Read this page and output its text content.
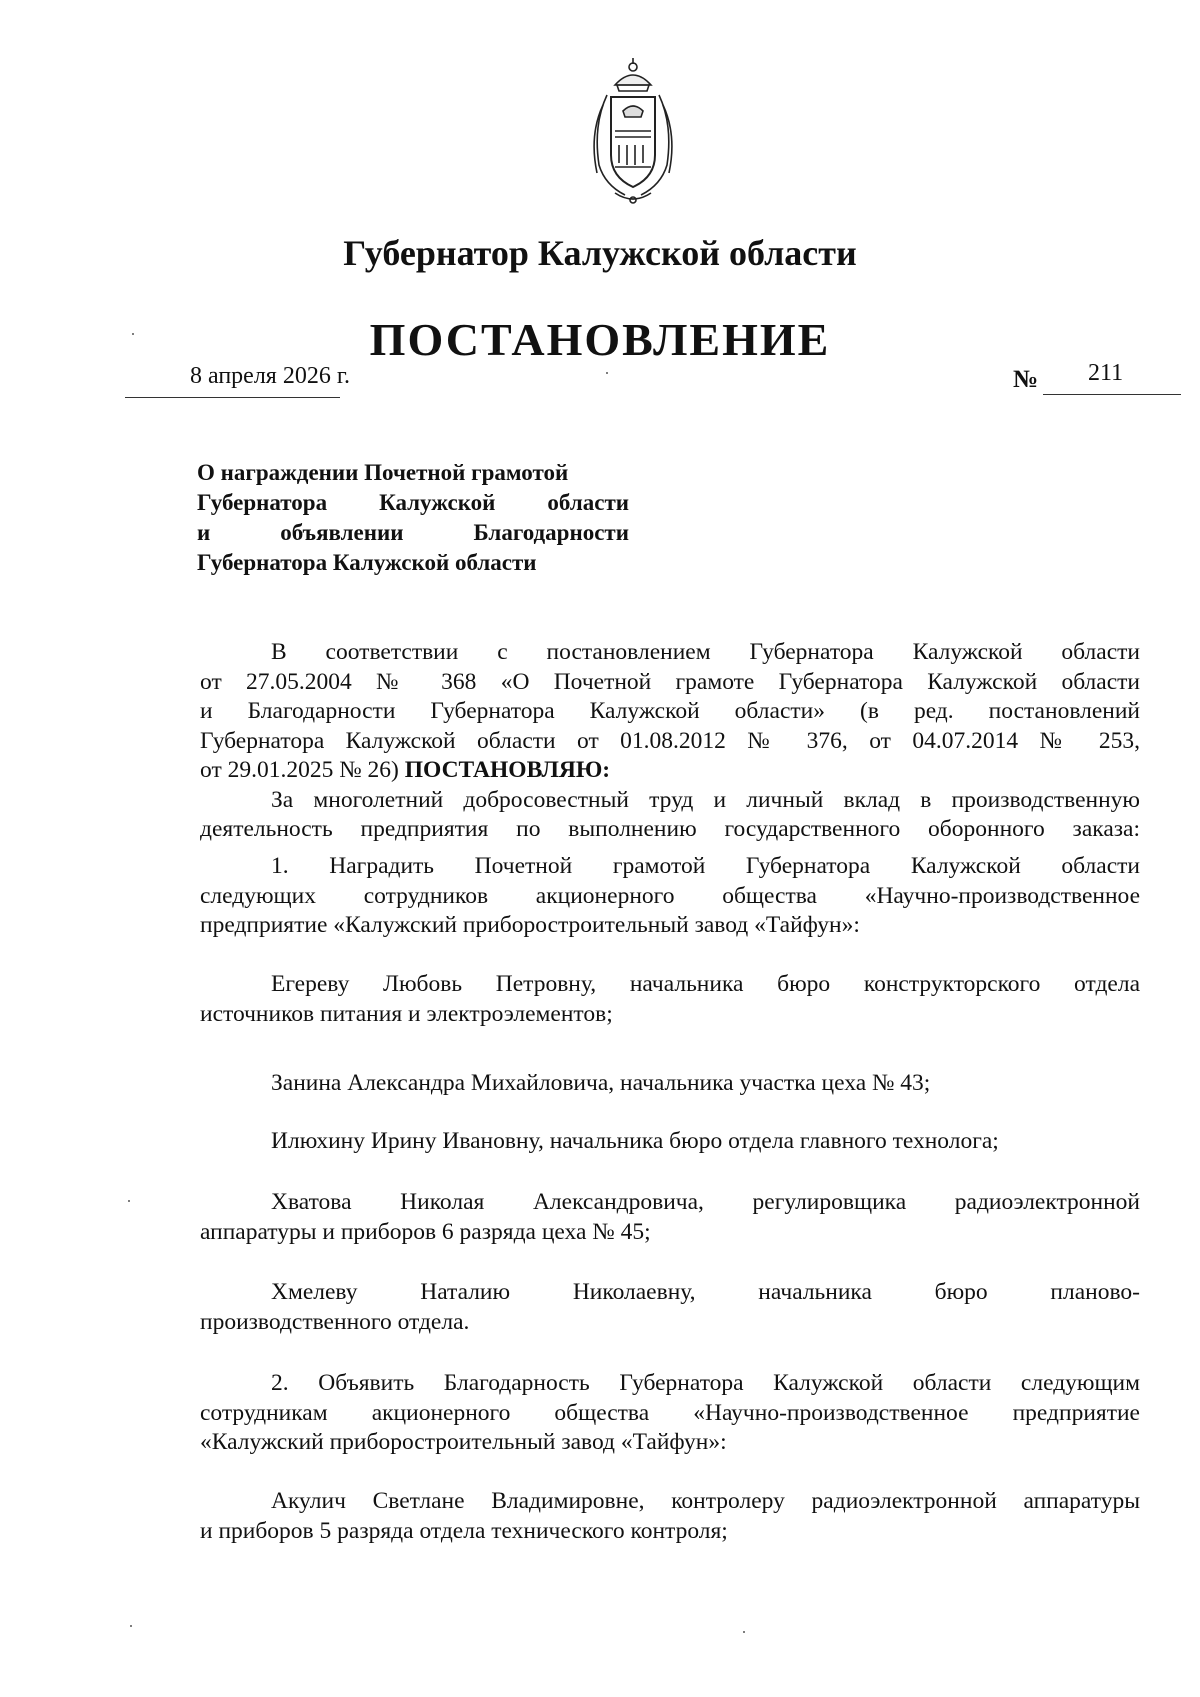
Губернатор Калужской области
ПОСТАНОВЛЕНИЕ
8 апреля 2026 г.	№ 211
О награждении Почетной грамотой
Губернатора Калужской области
и объявлении Благодарности
Губернатора Калужской области
В соответствии с постановлением Губернатора Калужской области
от 27.05.2004 № 368 «О Почетной грамоте Губернатора Калужской области
и Благодарности Губернатора Калужской области» (в ред. постановлений
Губернатора Калужской области от 01.08.2012 № 376, от 04.07.2014 № 253,
от 29.01.2025 № 26) ПОСТАНОВЛЯЮ:
За многолетний добросовестный труд и личный вклад в производственную
деятельность предприятия по выполнению государственного оборонного заказа:
1. Наградить Почетной грамотой Губернатора Калужской области
следующих сотрудников акционерного общества «Научно-производственное
предприятие «Калужский приборостроительный завод «Тайфун»:
Егереву Любовь Петровну, начальника бюро конструкторского отдела
источников питания и электроэлементов;
Занина Александра Михайловича, начальника участка цеха № 43;
Илюхину Ирину Ивановну, начальника бюро отдела главного технолога;
Хватова Николая Александровича, регулировщика радиоэлектронной
аппаратуры и приборов 6 разряда цеха № 45;
Хмелеву Наталию Николаевну, начальника бюро планово-
производственного отдела.
2. Объявить Благодарность Губернатора Калужской области следующим
сотрудникам акционерного общества «Научно-производственное предприятие
«Калужский приборостроительный завод «Тайфун»:
Акулич Светлане Владимировне, контролеру радиоэлектронной аппаратуры
и приборов 5 разряда отдела технического контроля;
